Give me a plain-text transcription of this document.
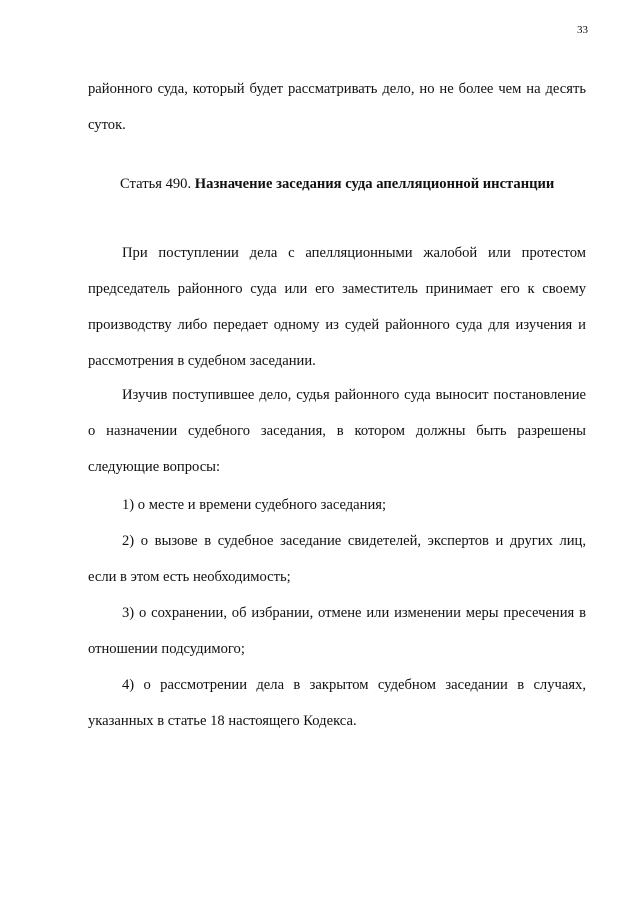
33

районного суда, который будет рассматривать дело, но не более чем на десять суток.

Статья 490. Назначение заседания суда апелляционной инстанции

При поступлении дела с апелляционными жалобой или протестом председатель районного суда или его заместитель принимает его к своему производству либо передает одному из судей районного суда для изучения и рассмотрения в судебном заседании.

Изучив поступившее дело, судья районного суда выносит постановление о назначении судебного заседания, в котором должны быть разрешены следующие вопросы:

1) о месте и времени судебного заседания;

2) о вызове в судебное заседание свидетелей, экспертов и других лиц, если в этом есть необходимость;

3) о сохранении, об избрании, отмене или изменении меры пресечения в отношении подсудимого;

4) о рассмотрении дела в закрытом судебном заседании в случаях, указанных в статье 18 настоящего Кодекса.
